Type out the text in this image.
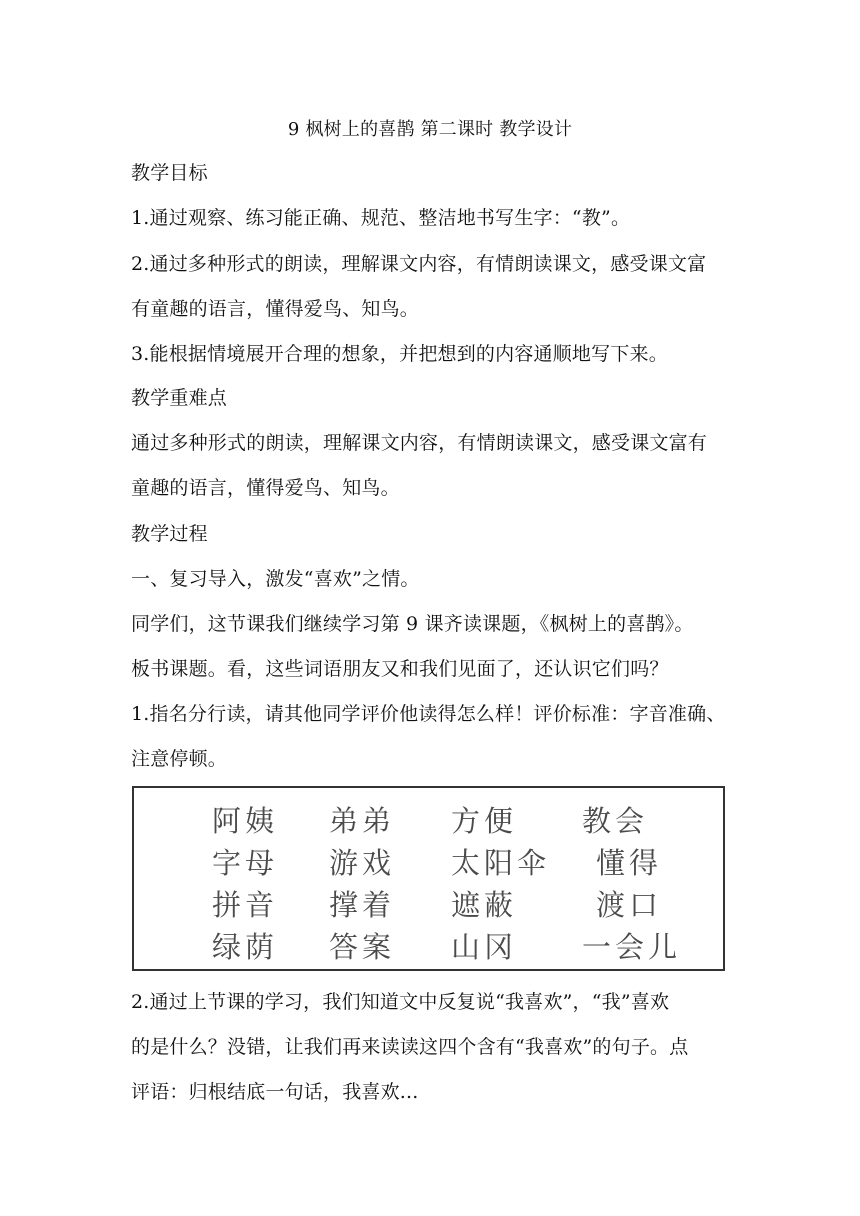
9 枫树上的喜鹊 第二课时 教学设计
教学目标
1.通过观察、练习能正确、规范、整洁地书写生字：“教”。
2.通过多种形式的朗读，理解课文内容，有情朗读课文，感受课文富
有童趣的语言，懂得爱鸟、知鸟。
3.能根据情境展开合理的想象，并把想到的内容通顺地写下来。
教学重难点
通过多种形式的朗读，理解课文内容，有情朗读课文，感受课文富有
童趣的语言，懂得爱鸟、知鸟。
教学过程
一、复习导入，激发“喜欢”之情。
同学们，这节课我们继续学习第 9 课齐读课题，《枫树上的喜鹊》。
板书课题。看，这些词语朋友又和我们见面了，还认识它们吗？
1.指名分行读，请其他同学评价他读得怎么样！评价标准：字音准确、
注意停顿。
阿姨 弟弟 方便 教会
字母 游戏 太阳伞 懂得
拼音 撑着 遮蔽	渡口
绿荫 答案 山冈 一会儿
2.通过上节课的学习，我们知道文中反复说“我喜欢”，“我”喜欢
的是什么？没错，让我们再来读读这四个含有“我喜欢”的句子。点
评语：归根结底一句话，我喜欢...
